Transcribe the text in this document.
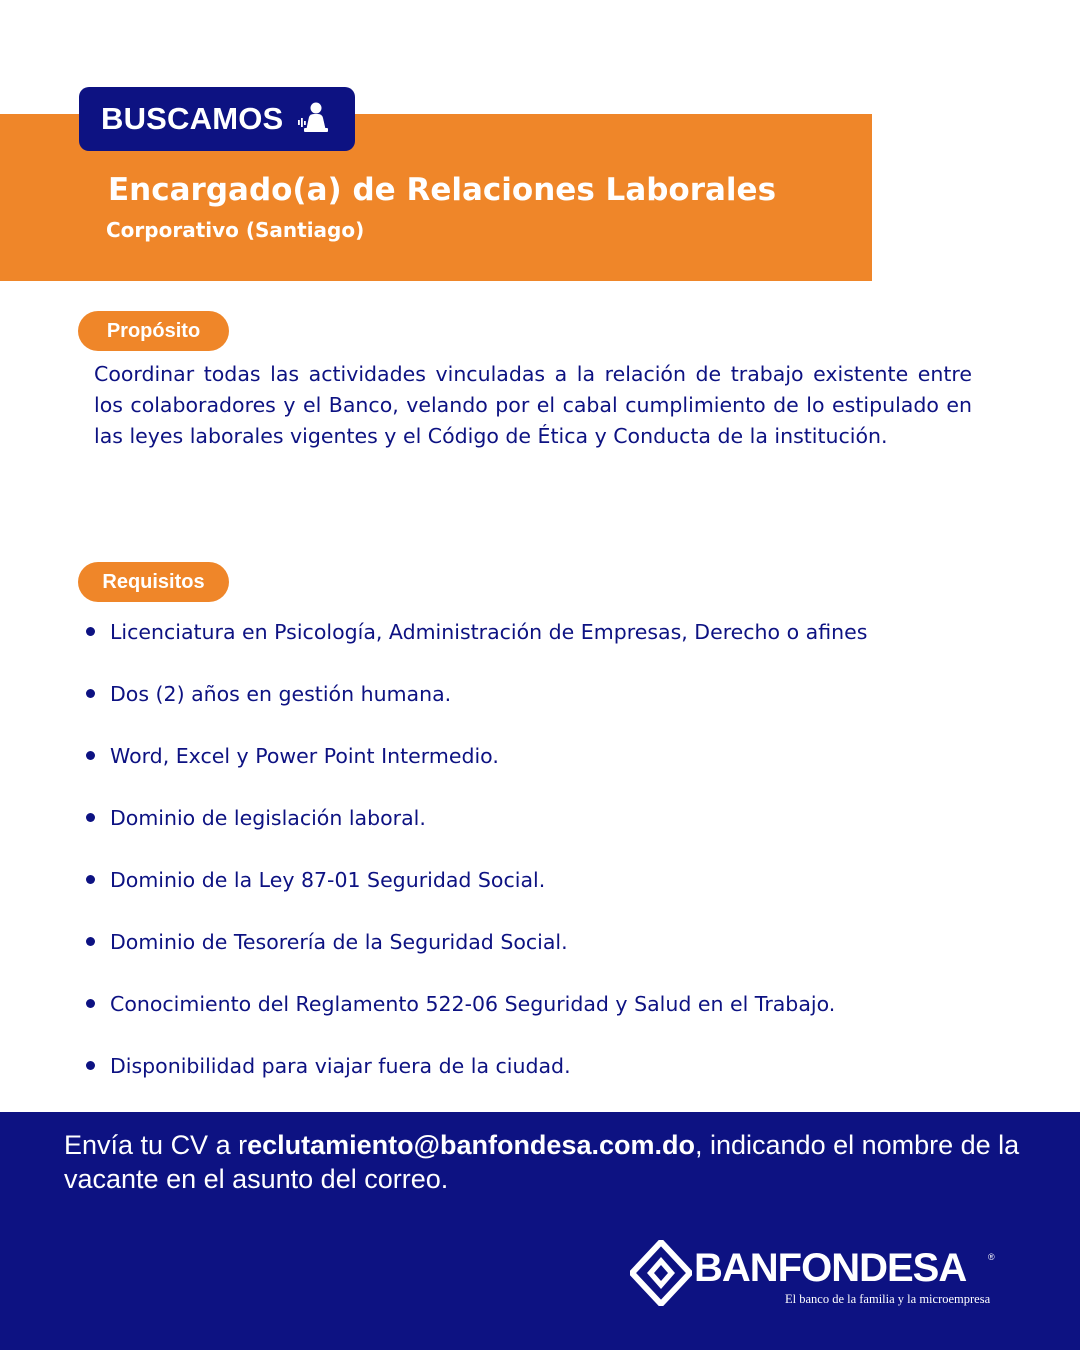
BUSCAMOS
Encargado(a) de Relaciones Laborales
Corporativo (Santiago)
Propósito

Coordinar todas las actividades vinculadas a la relación de trabajo existente entre los colaboradores y el Banco, velando por el cabal cumplimiento de lo estipulado en las leyes laborales vigentes y el Código de Ética y Conducta de la institución.

Requisitos
Licenciatura en Psicología, Administración de Empresas, Derecho o afines
Dos (2) años en gestión humana.
Word, Excel y Power Point Intermedio.
Dominio de legislación laboral.
Dominio de la Ley 87-01 Seguridad Social.
Dominio de Tesorería de la Seguridad Social.
Conocimiento del Reglamento 522-06 Seguridad y Salud en el Trabajo.
Disponibilidad para viajar fuera de la ciudad.

Envía tu CV a reclutamiento@banfondesa.com.do, indicando el nombre de la vacante en el asunto del correo.

BANFONDESA ®
El banco de la familia y la microempresa
